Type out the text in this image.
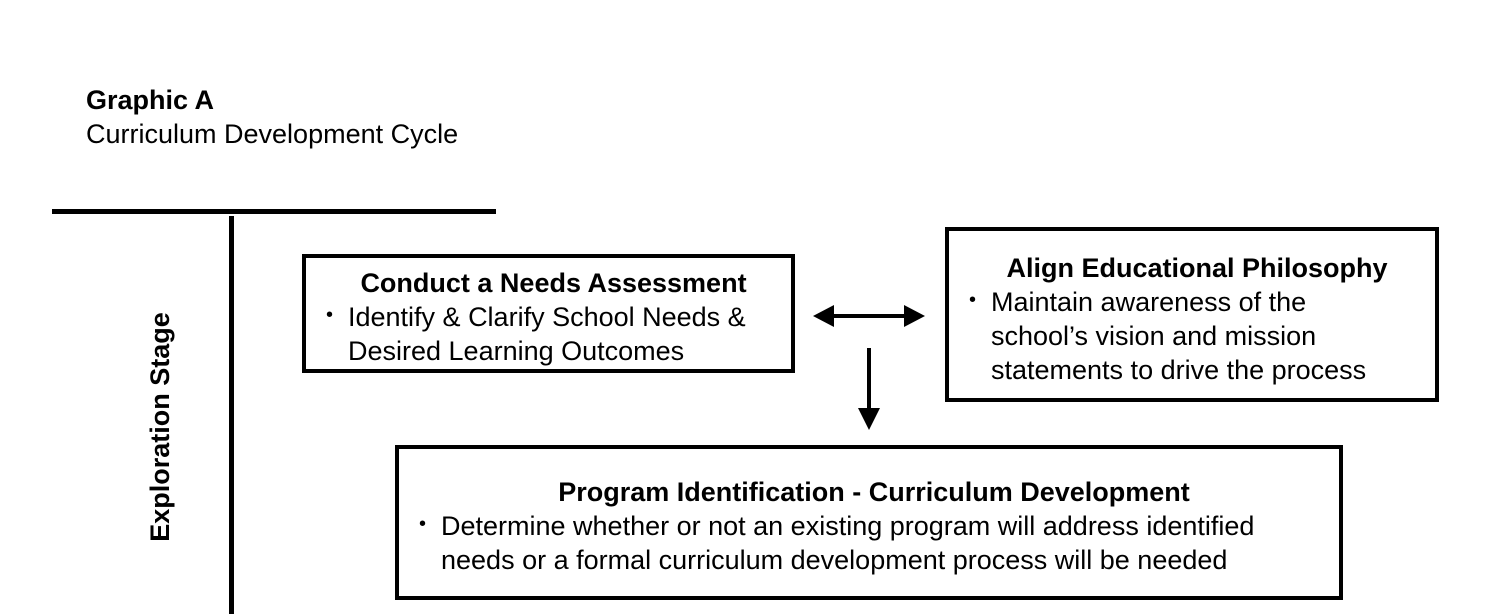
Graphic A
Curriculum Development Cycle
Exploration Stage
Conduct a Needs Assessment
• Identify & Clarify School Needs &
Desired Learning Outcomes
Align Educational Philosophy
• Maintain awareness of the
school’s vision and mission
statements to drive the process
Program Identification - Curriculum Development
• Determine whether or not an existing program will address identified
needs or a formal curriculum development process will be needed
